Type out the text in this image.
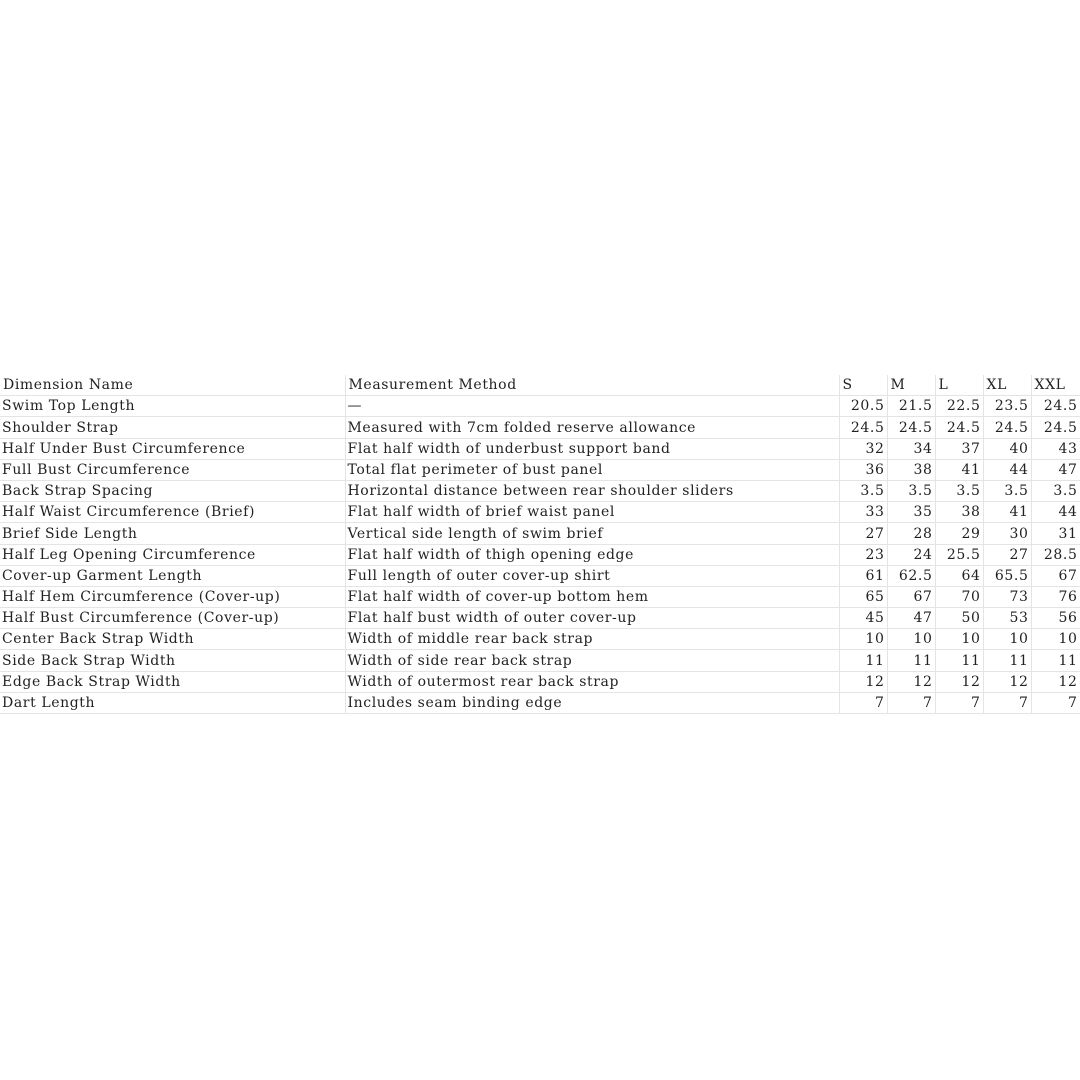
Dimension Name	Measurement Method	S	M	L	XL	XXL
Swim Top Length	—	20.5	21.5	22.5	23.5	24.5
Shoulder Strap	Measured with 7cm folded reserve allowance	24.5	24.5	24.5	24.5	24.5
Half Under Bust Circumference	Flat half width of underbust support band	32	34	37	40	43
Full Bust Circumference	Total flat perimeter of bust panel	36	38	41	44	47
Back Strap Spacing	Horizontal distance between rear shoulder sliders	3.5	3.5	3.5	3.5	3.5
Half Waist Circumference (Brief)	Flat half width of brief waist panel	33	35	38	41	44
Brief Side Length	Vertical side length of swim brief	27	28	29	30	31
Half Leg Opening Circumference	Flat half width of thigh opening edge	23	24	25.5	27	28.5
Cover-up Garment Length	Full length of outer cover-up shirt	61	62.5	64	65.5	67
Half Hem Circumference (Cover-up)	Flat half width of cover-up bottom hem	65	67	70	73	76
Half Bust Circumference (Cover-up)	Flat half bust width of outer cover-up	45	47	50	53	56
Center Back Strap Width	Width of middle rear back strap	10	10	10	10	10
Side Back Strap Width	Width of side rear back strap	11	11	11	11	11
Edge Back Strap Width	Width of outermost rear back strap	12	12	12	12	12
Dart Length	Includes seam binding edge	7	7	7	7	7
